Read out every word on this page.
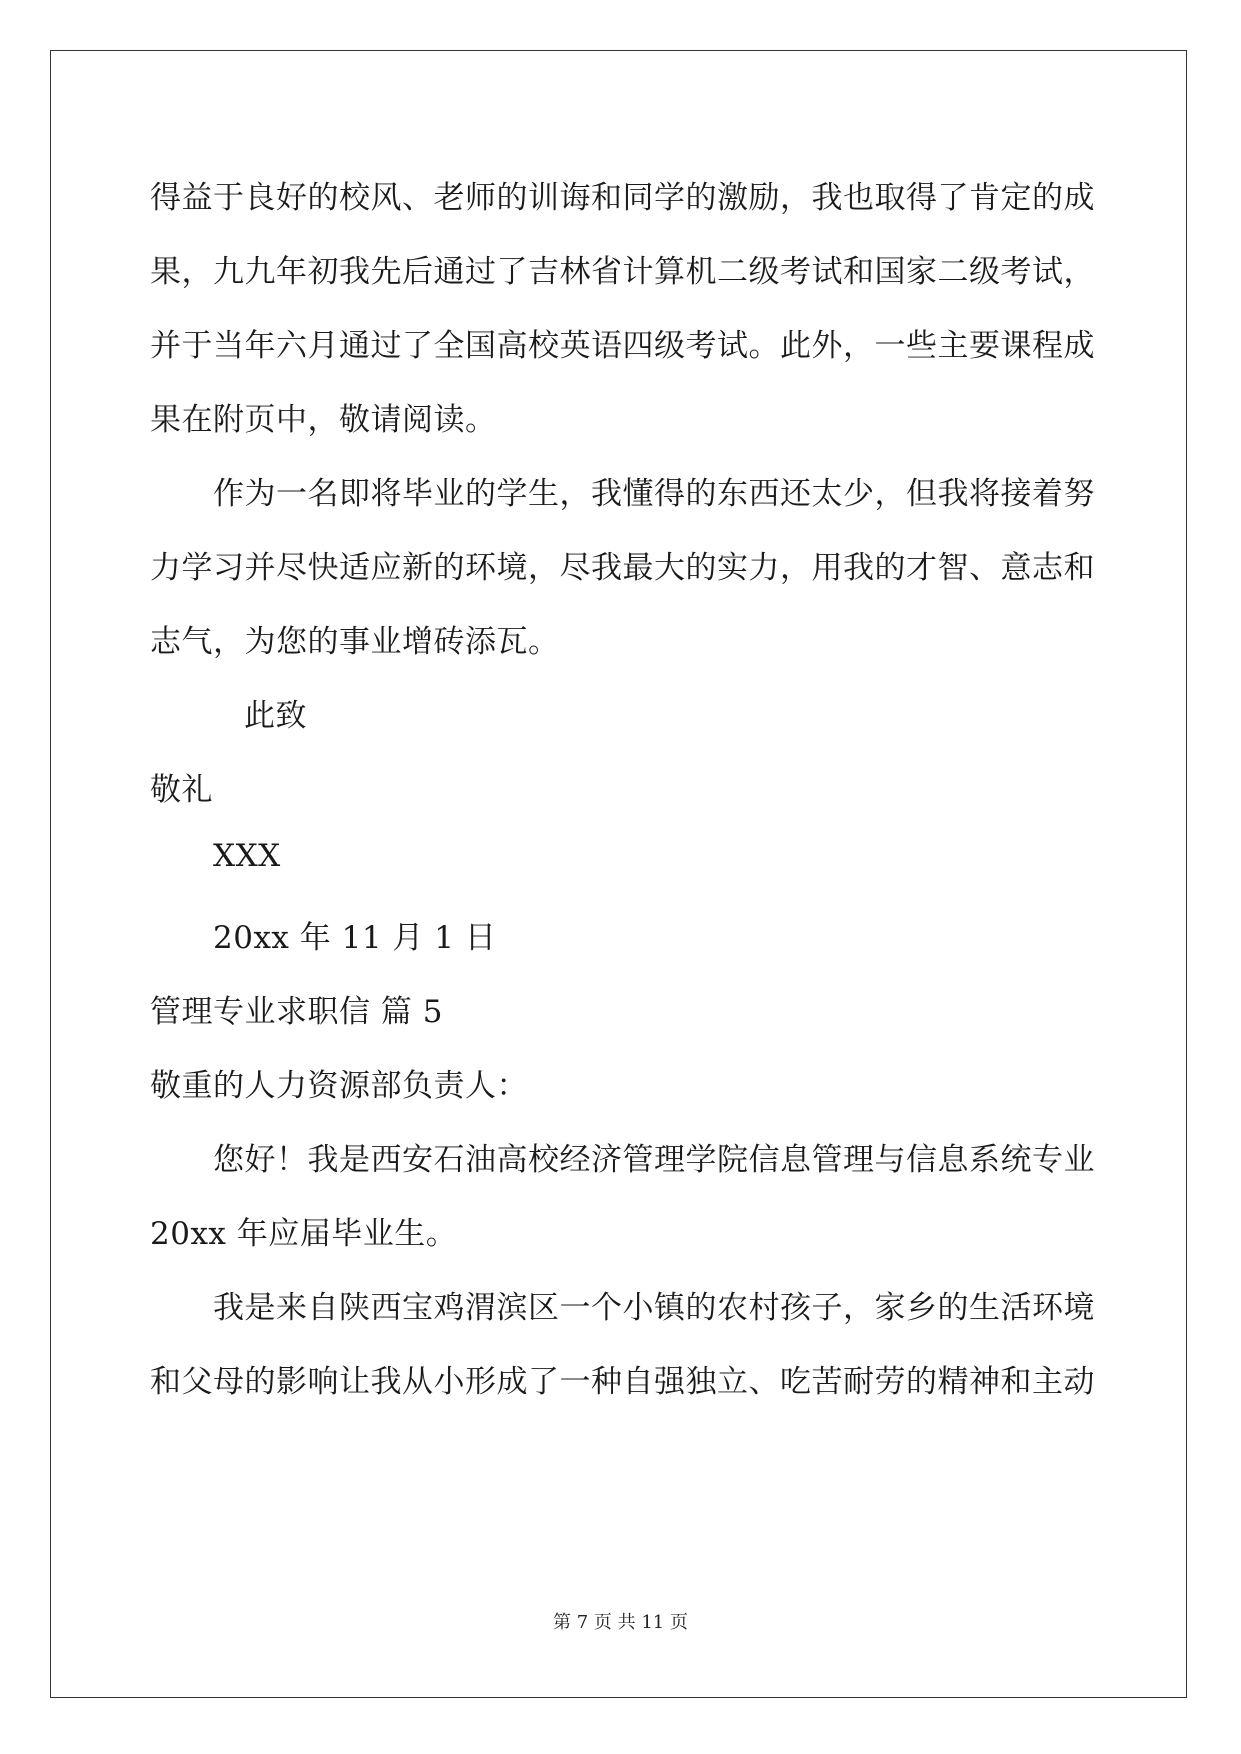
得益于良好的校风、老师的训诲和同学的激励，我也取得了肯定的成
果，九九年初我先后通过了吉林省计算机二级考试和国家二级考试，
并于当年六月通过了全国高校英语四级考试。此外，一些主要课程成
果在附页中，敬请阅读。
作为一名即将毕业的学生，我懂得的东西还太少，但我将接着努
力学习并尽快适应新的环境，尽我最大的实力，用我的才智、意志和
志气，为您的事业增砖添瓦。
此致
敬礼
XXX
20xx 年 11 月 1 日
管理专业求职信 篇 5
敬重的人力资源部负责人：
您好！我是西安石油高校经济管理学院信息管理与信息系统专业
20xx 年应届毕业生。
我是来自陕西宝鸡渭滨区一个小镇的农村孩子，家乡的生活环境
和父母的影响让我从小形成了一种自强独立、吃苦耐劳的精神和主动
第 7 页 共 11 页
